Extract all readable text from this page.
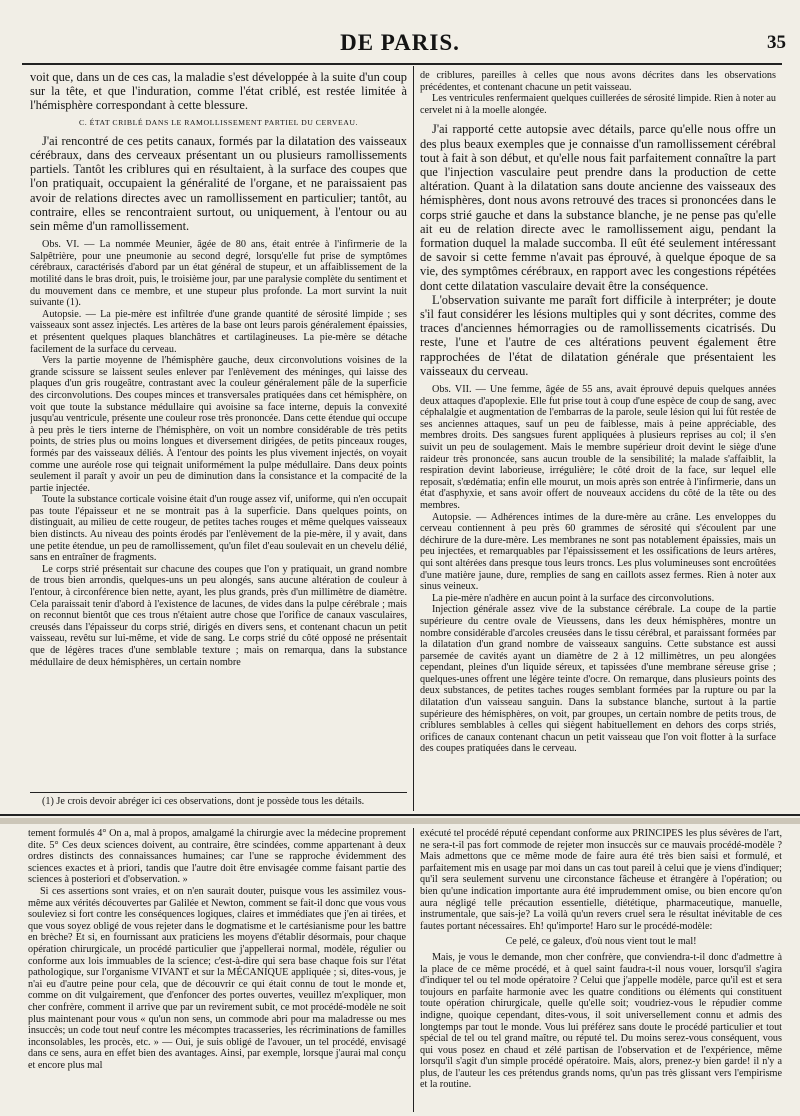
DE PARIS.	35

voit que, dans un de ces cas, la maladie s'est développée à la suite d'un coup sur la tête, et que l'induration, comme l'état criblé, est restée limitée à l'hémisphère correspondant à cette blessure.

C. ÉTAT CRIBLÉ DANS LE RAMOLLISSEMENT PARTIEL DU CERVEAU.

J'ai rencontré de ces petits canaux, formés par la dilatation des vaisseaux cérébraux, dans des cerveaux présentant un ou plusieurs ramollissements partiels. Tantôt les criblures qui en résultaient, à la surface des coupes que l'on pratiquait, occupaient la généralité de l'organe, et ne paraissaient pas avoir de relations directes avec un ramollissement en particulier; tantôt, au contraire, elles se rencontraient surtout, ou uniquement, à l'entour ou au sein même d'un ramollissement.

Obs. VI. — La nommée Meunier, âgée de 80 ans, était entrée à l'infirmerie de la Salpêtrière, pour une pneumonie au second degré, lorsqu'elle fut prise de symptômes cérébraux, caractérisés d'abord par un état général de stupeur, et un affaiblissement de la motilité dans le bras droit, puis, le troisième jour, par une paralysie complète du sentiment et du mouvement dans ce membre, et une stupeur plus profonde. La mort survint la nuit suivante (1).

Autopsie. — La pie-mère est infiltrée d'une grande quantité de sérosité limpide ; ses vaisseaux sont assez injectés. Les artères de la base ont leurs parois généralement épaissies, et présentent quelques plaques blanchâtres et cartilagineuses. La pie-mère se détache facilement de la surface du cerveau.

Vers la partie moyenne de l'hémisphère gauche, deux circonvolutions voisines de la grande scissure se laissent seules enlever par l'enlèvement des méninges, qui laisse des plaques d'un gris rougeâtre, contrastant avec la couleur généralement pâle de la superficie des circonvolutions. Des coupes minces et transversales pratiquées dans cet hémisphère, on voit que toute la substance médullaire qui avoisine sa face interne, depuis la convexité jusqu'au ventricule, présente une couleur rose très prononcée. Dans cette étendue qui occupe à peu près le tiers interne de l'hémisphère, on voit un nombre considérable de très petits points, de stries plus ou moins longues et diversement dirigées, de petits pinceaux rouges, formés par des vaisseaux déliés. À l'entour des points les plus vivement injectés, on voyait comme une auréole rose qui teignait uniformément la pulpe médullaire. Dans deux points seulement il paraît y avoir un peu de diminution dans la consistance et la compacité de la partie injectée.

Toute la substance corticale voisine était d'un rouge assez vif, uniforme, qui n'en occupait pas toute l'épaisseur et ne se montrait pas à la superficie. Dans quelques points, on distinguait, au milieu de cette rougeur, de petites taches rouges et même quelques vaisseaux bien distincts. Au niveau des points érodés par l'enlèvement de la pie-mère, il y avait, dans une petite étendue, un peu de ramollissement, qu'un filet d'eau soulevait en un chevelu délié, sans en entraîner de fragments.

Le corps strié présentait sur chacune des coupes que l'on y pratiquait, un grand nombre de trous bien arrondis, quelques-uns un peu alongés, sans aucune altération de couleur à l'entour, à circonférence bien nette, ayant, les plus grands, près d'un millimètre de diamètre. Cela paraissait tenir d'abord à l'existence de lacunes, de vides dans la pulpe cérébrale ; mais on reconnut bientôt que ces trous n'étaient autre chose que l'orifice de canaux vasculaires, creusés dans l'épaisseur du corps strié, dirigés en divers sens, et contenant chacun un petit vaisseau, revêtu sur lui-même, et vide de sang. Le corps strié du côté opposé ne présentait que de légères traces d'une semblable texture ; mais on remarqua, dans la substance médullaire de deux hémisphères, un certain nombre

(1) Je crois devoir abréger ici ces observations, dont je possède tous les détails.

de criblures, pareilles à celles que nous avons décrites dans les observations précédentes, et contenant chacune un petit vaisseau.

Les ventricules renfermaient quelques cuillerées de sérosité limpide. Rien à noter au cervelet ni à la moelle alongée.

J'ai rapporté cette autopsie avec détails, parce qu'elle nous offre un des plus beaux exemples que je connaisse d'un ramollissement cérébral tout à fait à son début, et qu'elle nous fait parfaitement connaître la part que l'injection vasculaire peut prendre dans la production de cette altération. Quant à la dilatation sans doute ancienne des vaisseaux des hémisphères, dont nous avons retrouvé des traces si prononcées dans le corps strié gauche et dans la substance blanche, je ne pense pas qu'elle ait eu de relation directe avec le ramollissement aigu, pendant la formation duquel la malade succomba. Il eût été seulement intéressant de savoir si cette femme n'avait pas éprouvé, à quelque époque de sa vie, des symptômes cérébraux, en rapport avec les congestions répétées dont cette dilatation vasculaire devait être la conséquence.

L'observation suivante me paraît fort difficile à interpréter; je doute s'il faut considérer les lésions multiples qui y sont décrites, comme des traces d'anciennes hémorragies ou de ramollissements cicatrisés. Du reste, l'une et l'autre de ces altérations peuvent également être rapprochées de l'état de dilatation générale que présentaient les vaisseaux du cerveau.

Obs. VII. — Une femme, âgée de 55 ans, avait éprouvé depuis quelques années deux attaques d'apoplexie. Elle fut prise tout à coup d'une espèce de coup de sang, avec céphalalgie et augmentation de l'embarras de la parole, seule lésion qui lui fût restée de ses anciennes attaques, sauf un peu de faiblesse, mais à peine appréciable, des membres droits. Des sangsues furent appliquées à plusieurs reprises au col; il s'en suivit un peu de soulagement. Mais le membre supérieur droit devint le siège d'une raideur très prononcée, sans aucun trouble de la sensibilité; la malade s'affaiblit, la respiration devint laborieuse, irrégulière; le côté droit de la face, sur lequel elle reposait, s'œdématia; enfin elle mourut, un mois après son entrée à l'infirmerie, dans un état d'asphyxie, et sans avoir offert de nouveaux accidens du côté de la tête ou des membres.

Autopsie. — Adhérences intimes de la dure-mère au crâne. Les enveloppes du cerveau contiennent à peu près 60 grammes de sérosité qui s'écoulent par une déchirure de la dure-mère. Les membranes ne sont pas notablement épaissies, mais un peu injectées, et remarquables par l'épaississement et les ossifications de leurs artères, qui sont altérées dans presque tous leurs troncs. Les plus volumineuses sont encroûtées d'une matière jaune, dure, remplies de sang en caillots assez fermes. Rien à noter aux sinus veineux.

La pie-mère n'adhère en aucun point à la surface des circonvolutions.

Injection générale assez vive de la substance cérébrale. La coupe de la partie supérieure du centre ovale de Vieussens, dans les deux hémisphères, montre un nombre considérable d'arcoles creusées dans le tissu cérébral, et paraissant formées par la dilatation d'un grand nombre de vaisseaux sanguins. Cette substance est aussi parsemée de cavités ayant un diamètre de 2 à 12 millimètres, un peu alongées cependant, pleines d'un liquide séreux, et tapissées d'une membrane séreuse grise ; quelques-unes offrent une légère teinte d'ocre. On remarque, dans plusieurs points des deux substances, de petites taches rouges semblant formées par la rupture ou par la dilatation d'un vaisseau sanguin. Dans la substance blanche, surtout à la partie supérieure des hémisphères, on voit, par groupes, un certain nombre de petits trous, de criblures semblables à celles qui siègent habituellement en dehors des corps striés, orifices de canaux contenant chacun un petit vaisseau que l'on voit flotter à la surface des coupes pratiquées dans le cerveau.

tement formulés 4° On a, mal à propos, amalgamé la chirurgie avec la médecine proprement dite. 5° Ces deux sciences doivent, au contraire, être scindées, comme appartenant à deux ordres distincts des connaissances humaines; car l'une se rapproche évidemment des sciences exactes et à priori, tandis que l'autre doit être envisagée comme faisant partie des sciences à posteriori et d'observation. »

Si ces assertions sont vraies, et on n'en saurait douter, puisque vous les assimilez vous-même aux vérités découvertes par Galilée et Newton, comment se fait-il donc que vous vous souleviez si fort contre les conséquences logiques, claires et immédiates que j'en ai tirées, et que vous soyez obligé de vous rejeter dans le dogmatisme et le cartésianisme pour les battre en brèche? Et si, en fournissant aux praticiens les moyens d'établir désormais, pour chaque opération chirurgicale, un procédé particulier que j'appellerai normal, modèle, régulier ou conforme aux lois immuables de la science; c'est-à-dire qui sera base chaque fois sur l'état pathologique, sur l'organisme VIVANT et sur la MÉCANIQUE appliquée ; si, dites-vous, je n'ai eu d'autre peine pour cela, que de découvrir ce qui était connu de tout le monde et, comme on dit vulgairement, que d'enfoncer des portes ouvertes, veuillez m'expliquer, mon cher confrère, comment il arrive que par un revirement subit, ce mot procédé-modèle ne soit plus maintenant pour vous « qu'un non sens, un commode abri pour ma maladresse ou mes insuccès; un code tout neuf contre les mécomptes tracasseries, les récriminations de familles inconsolables, les procès, etc. » — Oui, je suis obligé de l'avouer, un tel procédé, envisagé dans ce sens, aura en effet bien des avantages. Ainsi, par exemple, lorsque j'aurai mal conçu et encore plus mal

exécuté tel procédé réputé cependant conforme aux PRINCIPES les plus sévères de l'art, ne sera-t-il pas fort commode de rejeter mon insuccès sur ce mauvais procédé-modèle ? Mais admettons que ce même mode de faire aura été très bien saisi et formulé, et parfaitement mis en usage par moi dans un cas tout pareil à celui que je viens d'indiquer; qu'il sera seulement survenu une circonstance fâcheuse et étrangère à l'opération; ou bien qu'une indication importante aura été imprudemment omise, ou bien encore qu'on aura négligé telle précaution essentielle, diététique, pharmaceutique, manuelle, instrumentale, que sais-je? La voilà qu'un revers cruel sera le résultat inévitable de ces fautes portant nécessaires. Eh! qu'importe! Haro sur le procédé-modèle:

Ce pelé, ce galeux, d'où nous vient tout le mal!

Mais, je vous le demande, mon cher confrère, que conviendra-t-il donc d'admettre à la place de ce même procédé, et à quel saint faudra-t-il nous vouer, lorsqu'il s'agira d'indiquer tel ou tel mode opératoire ? Celui que j'appelle modèle, parce qu'il est et sera toujours en parfaite harmonie avec les quatre conditions ou éléments qui constituent toute opération chirurgicale, quelle qu'elle soit; voudriez-vous le répudier comme indigne, quoique cependant, dites-vous, il soit universellement connu et admis des longtemps par tout le monde. Vous lui préférez sans doute le procédé particulier et tout spécial de tel ou tel grand maître, ou réputé tel. Du moins serez-vous conséquent, vous qui vous posez en chaud et zélé partisan de l'observation et de l'expérience, même lorsqu'il s'agit d'un simple procédé opératoire. Mais, alors, prenez-y bien garde! il n'y a plus, de l'auteur les ces prétendus grands noms, qu'un pas très glissant vers l'empirisme et la routine.
